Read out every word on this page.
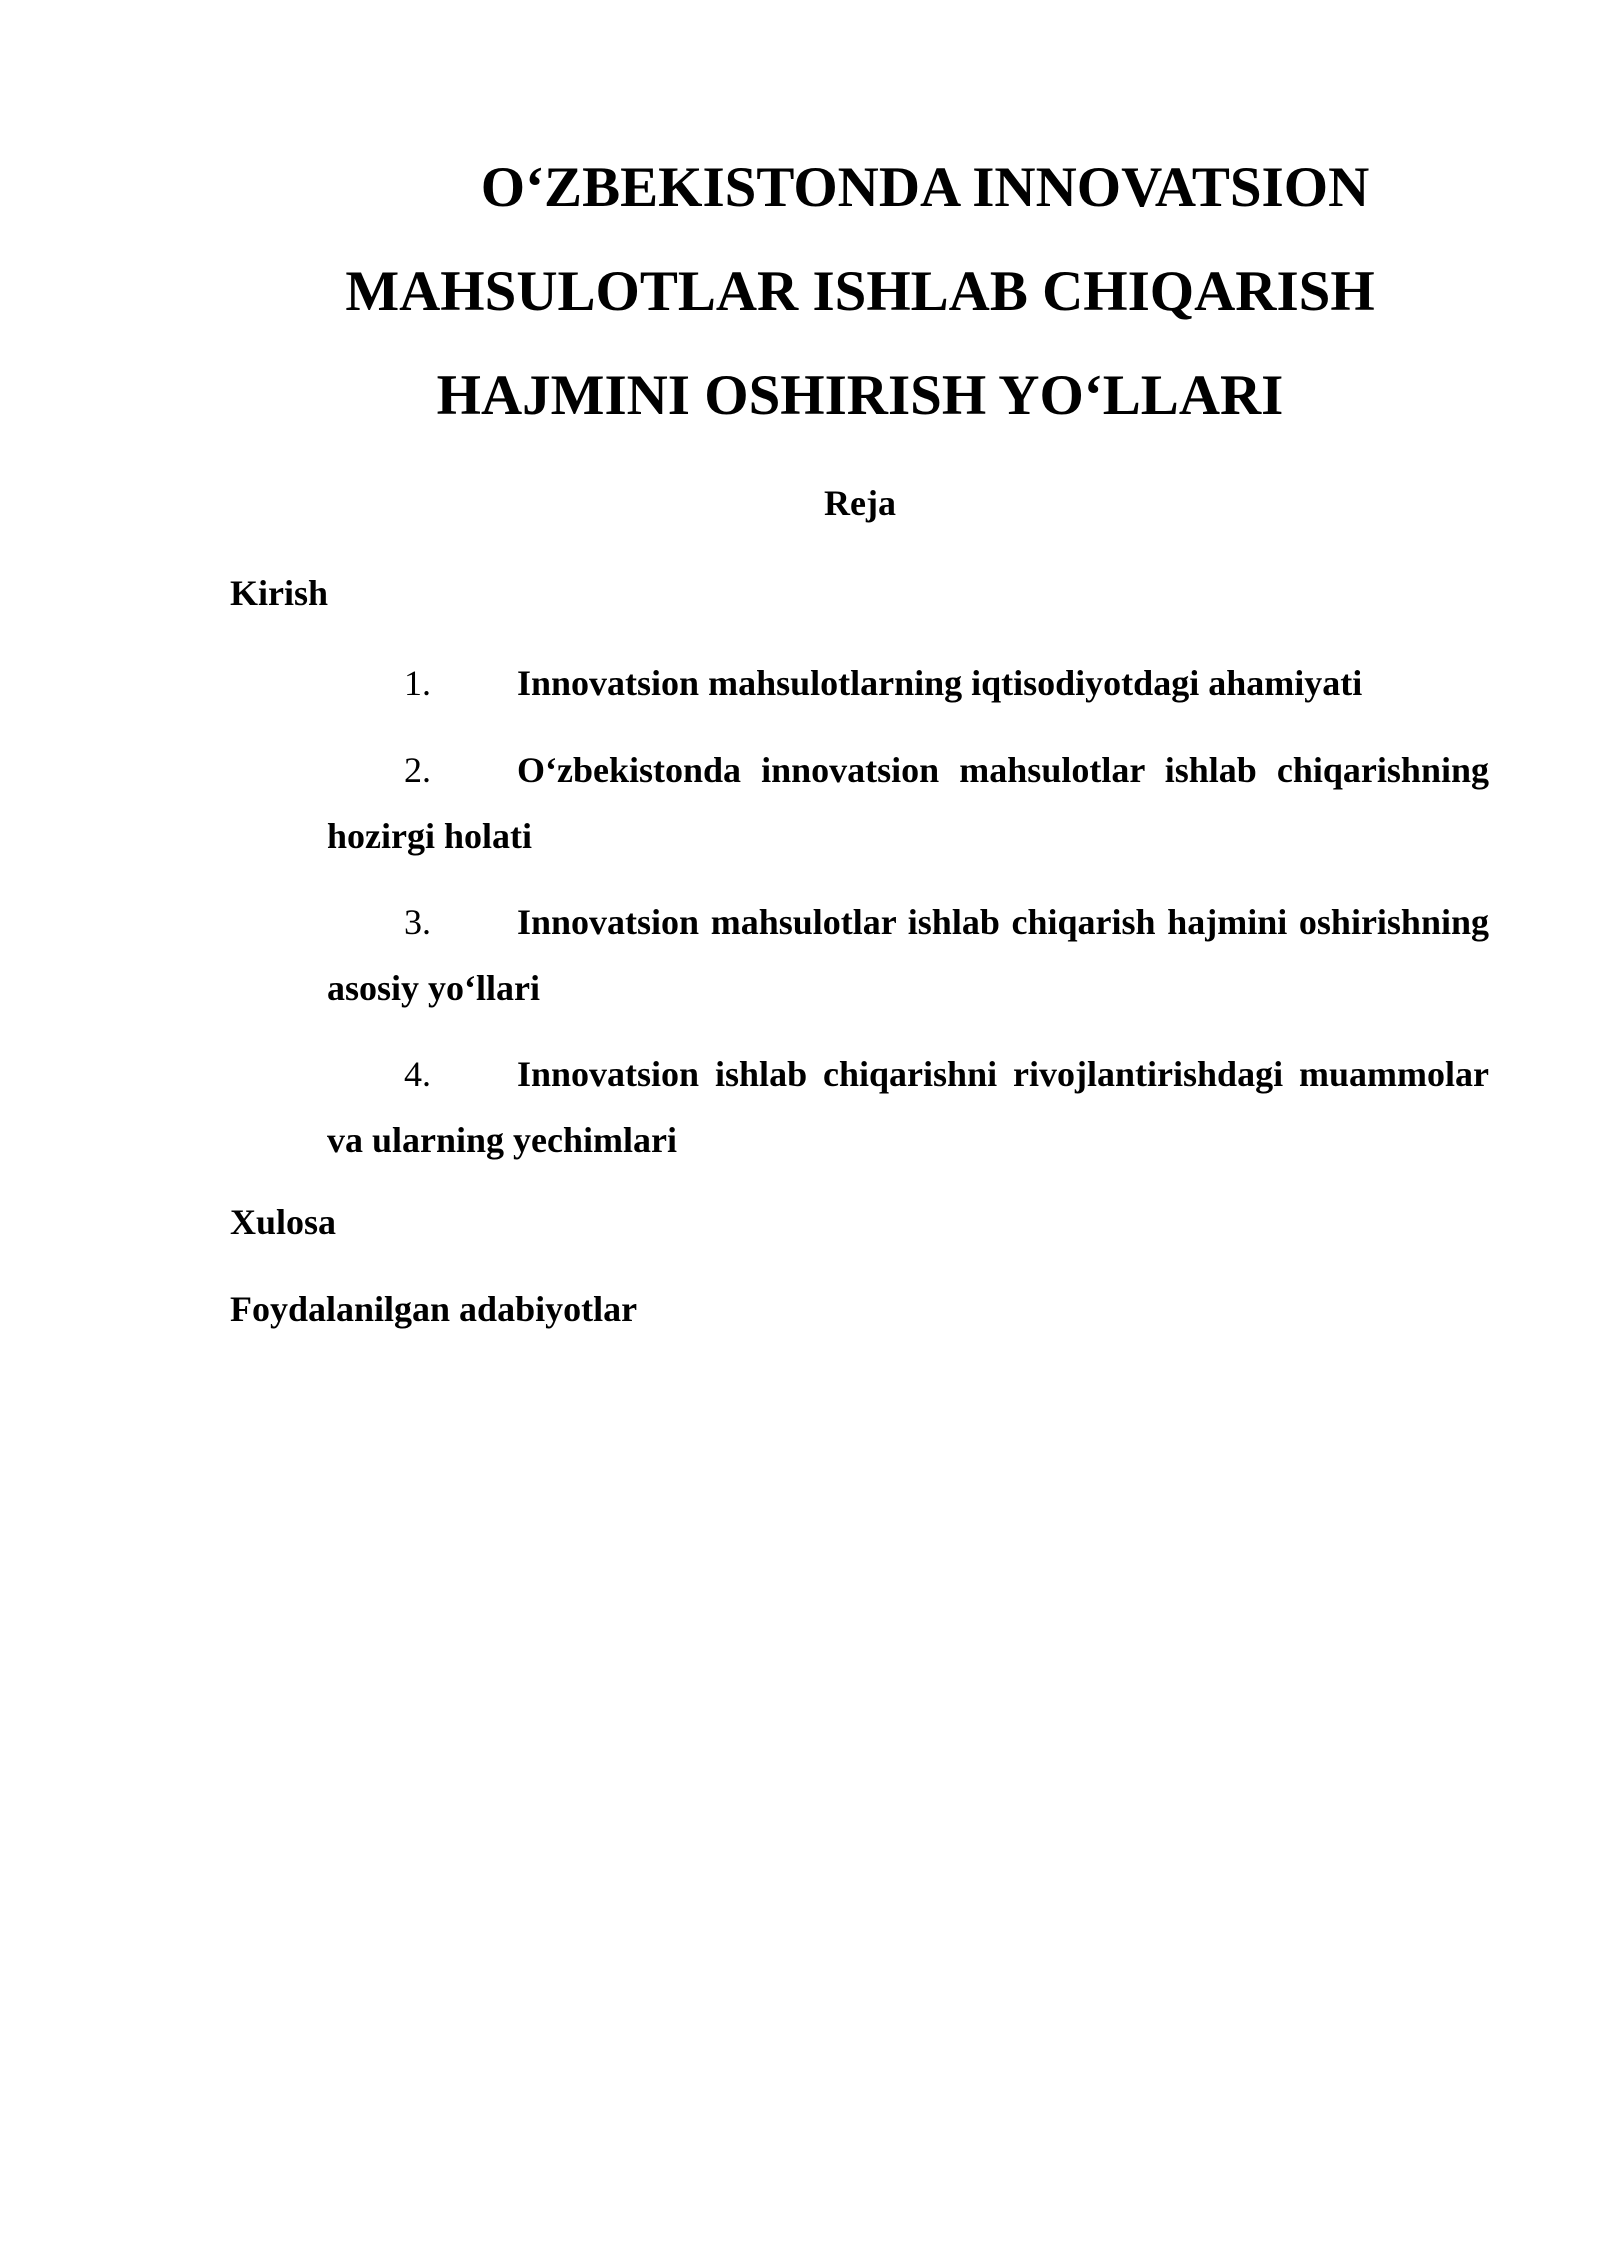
O‘ZBEKISTONDA INNOVATSION
MAHSULOTLAR ISHLAB CHIQARISH
HAJMINI OSHIRISH YO‘LLARI

Reja

Kirish

1.	Innovatsion mahsulotlarning iqtisodiyotdagi ahamiyati
2.	O‘zbekistonda innovatsion mahsulotlar ishlab chiqarishning hozirgi holati
3.	Innovatsion mahsulotlar ishlab chiqarish hajmini oshirishning asosiy yo‘llari
4.	Innovatsion ishlab chiqarishni rivojlantirishdagi muammolar va ularning yechimlari

Xulosa

Foydalanilgan adabiyotlar
